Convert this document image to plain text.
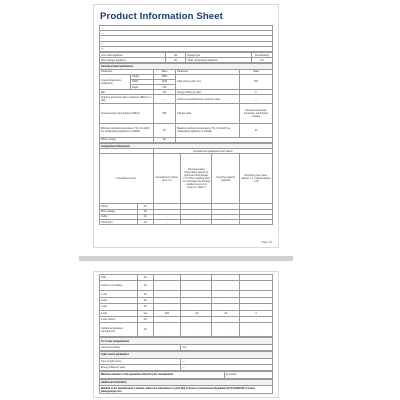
Product Information Sheet
—
—
—
—
—
Low-noise appliance	No	Design type	Freestanding
Wine storage appliance	No	Other refrigerating appliance	No
General product parameters				
Parameter		Value	Parameter	Value
Overall dimensions (millimetre)	Height	1860	Total volume (dm³ or l)	453
	Width	1430		
	Depth	740		
EEI		114	Energy efficiency class	F
Airborne acoustical noise emissions (dB(A) re 1 pW)		—	Airborne acoustical noise emission class	—
Annual energy consumption (kWh/a)		390	Climate class	extended temperate, temperate, subtropical, tropical
Minimum ambient temperature (°C), for which the refrigerating appliance is suitable		10	Maximum ambient temperature (°C), for which the refrigerating appliance is suitable	43
Winter setting		No		
Compartment Parameters					
		Compartment parameters and values			
Compartment type		Compartment volume (dm³ or l)	Recommended temperature setting for optimised food storage (°C) These settings shall not contradict the storage conditions set out in Annex IV, Table 3	Freezing capacity (kg/24h)	Defrosting type (auto-defrost = A, manual defrost = M)
Pantry	No	-	-	-	-
Wine storage	No	-	-	-	-
Cellar	No	-	-	-	-
Fresh food	No	-	-	-	-
Page 1/2
Chill	No	-	-	-	-
0-star or ice-making	No	-	-	-	-
1-star	No	-	-	-	-
2-star	No	-	-	-	-
3-star	No	-	-	-	-
4-star	Yes	453	-18	26	A
2-star section	No	-	-	-	-
Variable temperature compartment	No	-	-	-	-
For 4-star compartments
Fast freeze facility	Yes
Light source parameters	
Type of light source	—
Energy efficiency class	—
Minimum duration of the guarantee offered by the manufacturer	24 months
Additional information
Weblink to the manufacturer's website, where the information in point 4(a) of Annex of Commission Regulation (EU) 2019/2019 is found: www.gorenje.com
